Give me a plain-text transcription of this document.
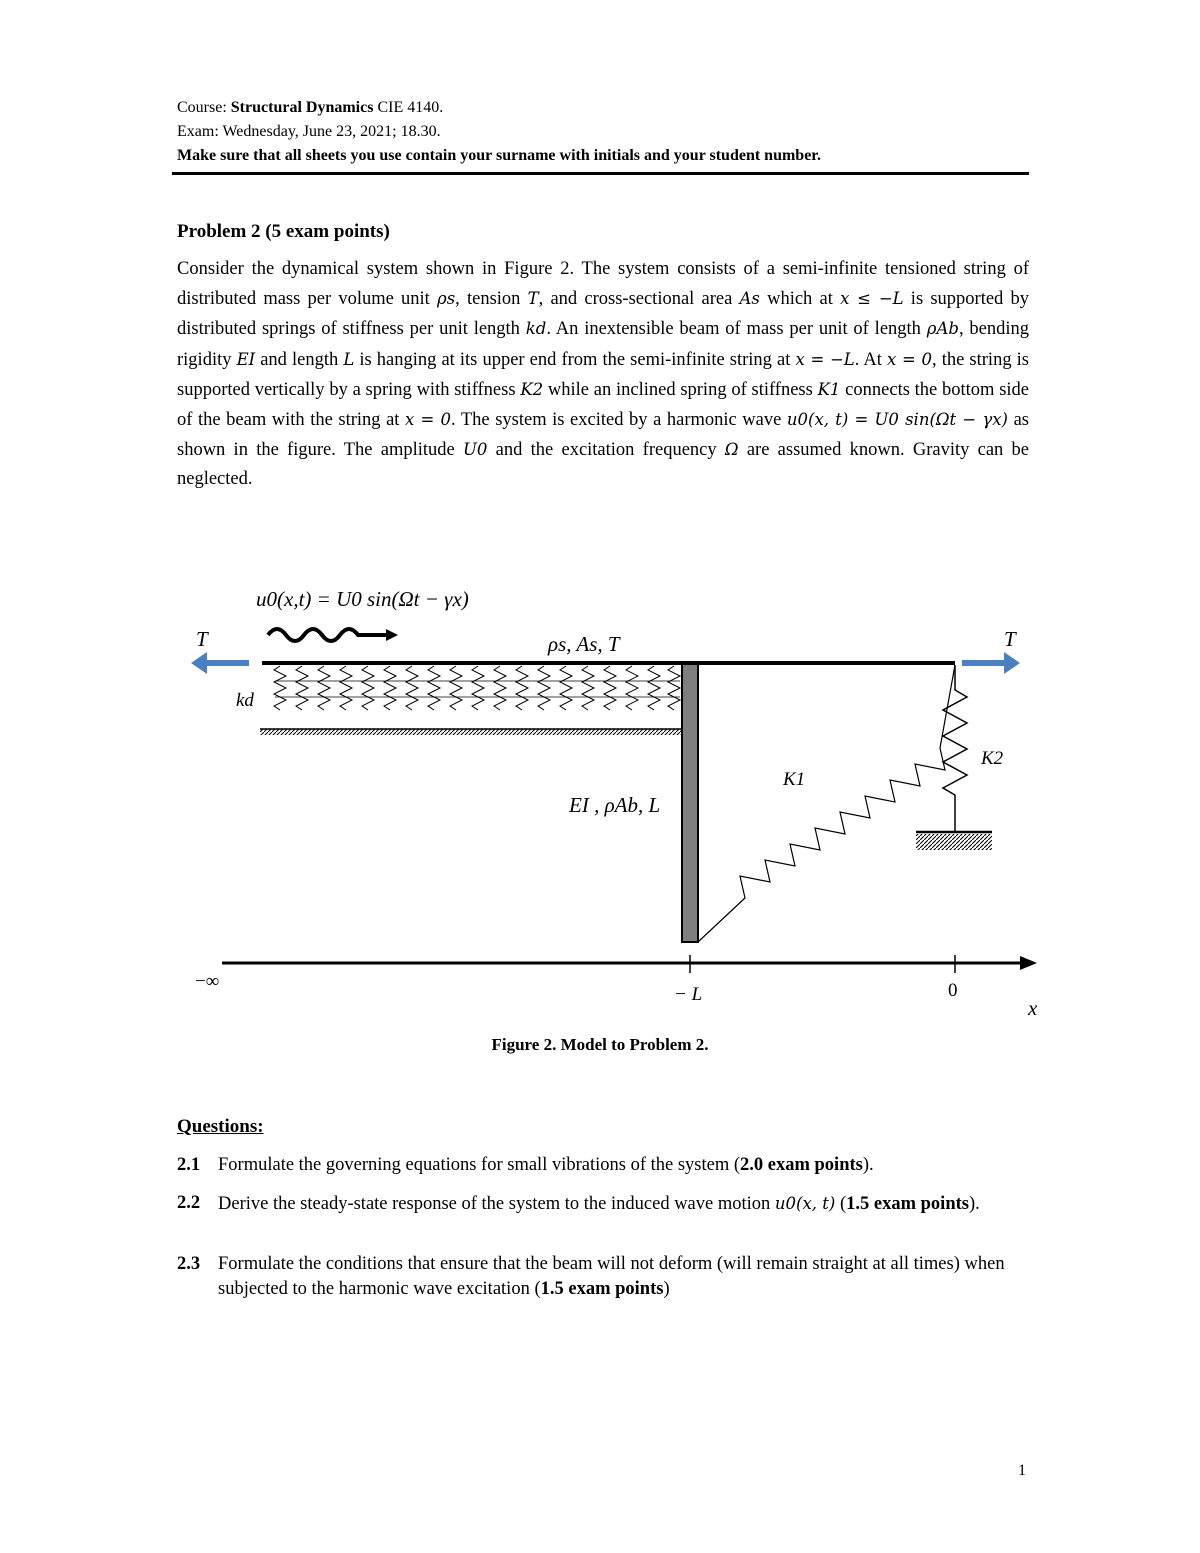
Course: Structural Dynamics CIE 4140.
Exam: Wednesday, June 23, 2021; 18.30.
Make sure that all sheets you use contain your surname with initials and your student number.
Problem 2 (5 exam points)
Consider the dynamical system shown in Figure 2. The system consists of a semi-infinite tensioned string of distributed mass per volume unit ρs, tension T, and cross-sectional area As which at x ≤ −L is supported by distributed springs of stiffness per unit length kd. An inextensible beam of mass per unit of length ρAb, bending rigidity EI and length L is hanging at its upper end from the semi-infinite string at x = −L. At x = 0, the string is supported vertically by a spring with stiffness K2 while an inclined spring of stiffness K1 connects the bottom side of the beam with the string at x = 0. The system is excited by a harmonic wave u0(x, t) = U0 sin(Ωt − γx) as shown in the figure. The amplitude U0 and the excitation frequency Ω are assumed known. Gravity can be neglected.
u0(x,t) = U0 sin(Ωt − γx)
T	T
ρs, As, T
kd
EI , ρAb, L
K1
K2
−∞
− L	0
x
Figure 2. Model to Problem 2.
Questions:
2.1 Formulate the governing equations for small vibrations of the system (2.0 exam points).
2.2 Derive the steady-state response of the system to the induced wave motion u0(x, t) (1.5 exam points).
2.3 Formulate the conditions that ensure that the beam will not deform (will remain straight at all times) when subjected to the harmonic wave excitation (1.5 exam points)
1
